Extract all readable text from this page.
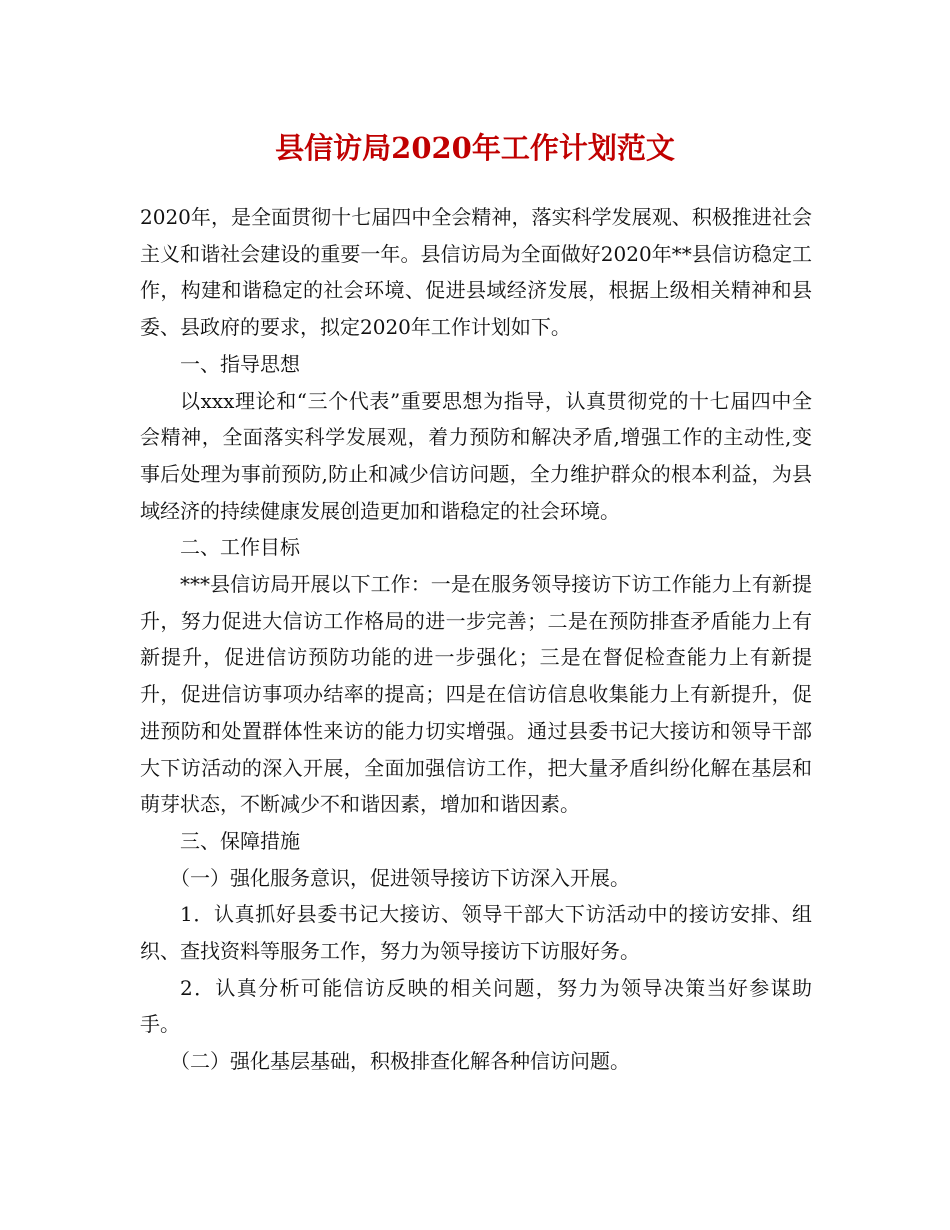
县信访局2020年工作计划范文

2020年，是全面贯彻十七届四中全会精神，落实科学发展观、积极推进社会主义和谐社会建设的重要一年。县信访局为全面做好2020年**县信访稳定工作，构建和谐稳定的社会环境、促进县域经济发展，根据上级相关精神和县委、县政府的要求，拟定2020年工作计划如下。

一、指导思想

以xxx理论和“三个代表”重要思想为指导，认真贯彻党的十七届四中全会精神，全面落实科学发展观，着力预防和解决矛盾,增强工作的主动性,变事后处理为事前预防,防止和减少信访问题，全力维护群众的根本利益，为县域经济的持续健康发展创造更加和谐稳定的社会环境。

二、工作目标

***县信访局开展以下工作：一是在服务领导接访下访工作能力上有新提升，努力促进大信访工作格局的进一步完善；二是在预防排查矛盾能力上有新提升，促进信访预防功能的进一步强化；三是在督促检查能力上有新提升，促进信访事项办结率的提高；四是在信访信息收集能力上有新提升，促进预防和处置群体性来访的能力切实增强。通过县委书记大接访和领导干部大下访活动的深入开展，全面加强信访工作，把大量矛盾纠纷化解在基层和萌芽状态，不断减少不和谐因素，增加和谐因素。

三、保障措施

（一）强化服务意识，促进领导接访下访深入开展。

1．认真抓好县委书记大接访、领导干部大下访活动中的接访安排、组织、查找资料等服务工作，努力为领导接访下访服好务。

2．认真分析可能信访反映的相关问题，努力为领导决策当好参谋助手。

（二）强化基层基础，积极排查化解各种信访问题。
